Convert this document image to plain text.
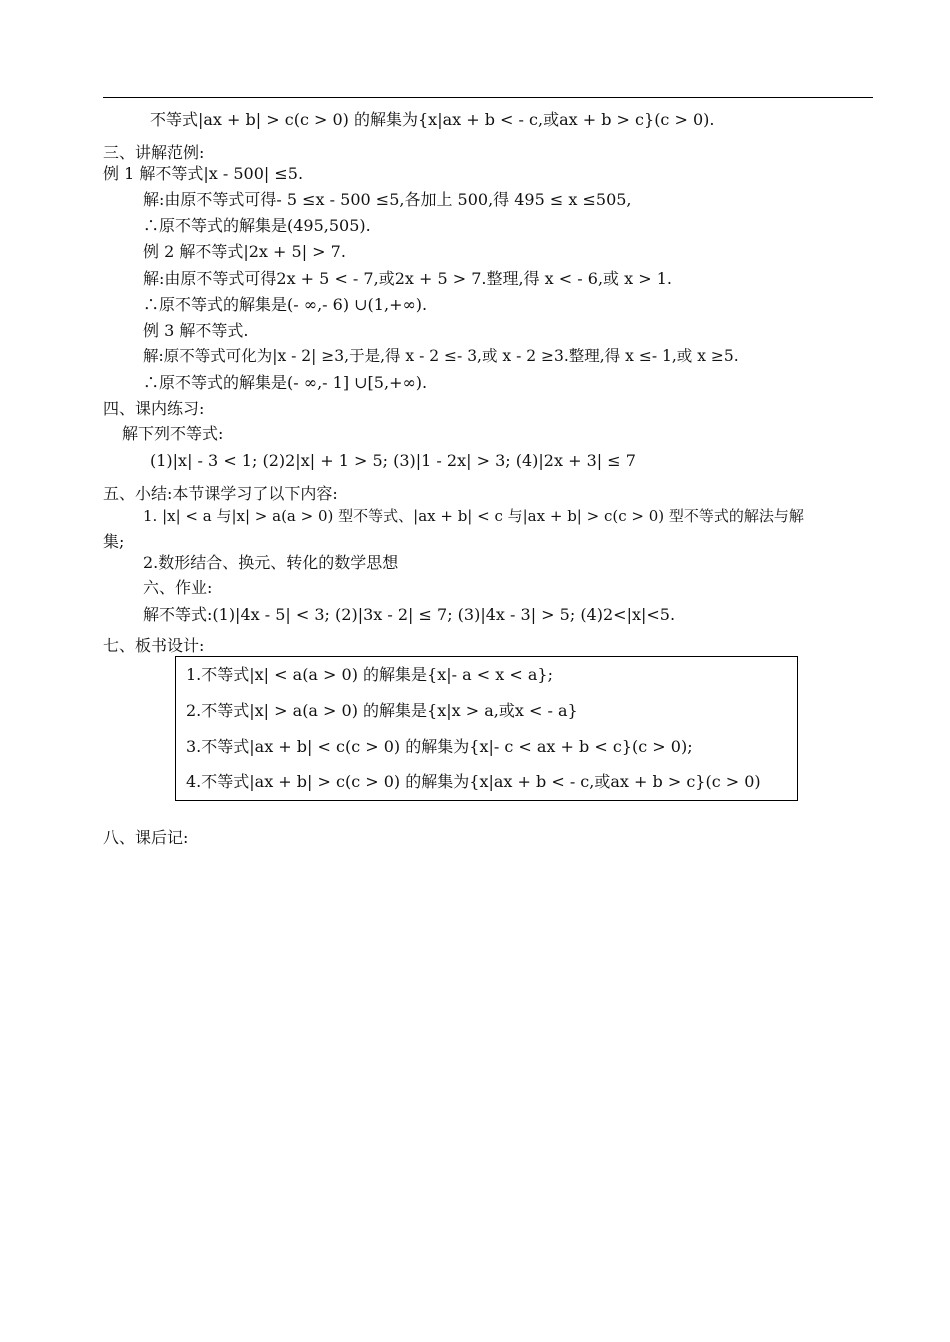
不等式|ax + b| > c(c > 0) 的解集为{x|ax + b < - c,或ax + b > c}(c > 0).
三、讲解范例:
例 1 解不等式|x - 500| ≤5.
解:由原不等式可得- 5 ≤x - 500 ≤5,各加上 500,得 495 ≤ x ≤505,
∴原不等式的解集是(495,505).
例 2 解不等式|2x + 5| > 7.
解:由原不等式可得2x + 5 < - 7,或2x + 5 > 7.整理,得 x < - 6,或 x > 1.
∴原不等式的解集是(- ∞,- 6) ∪(1,+∞).
例 3 解不等式.
解:原不等式可化为|x - 2| ≥3,于是,得 x - 2 ≤- 3,或 x - 2 ≥3.整理,得 x ≤- 1,或 x ≥5.
∴原不等式的解集是(- ∞,- 1] ∪[5,+∞).
四、课内练习:
解下列不等式:
(1)|x| - 3 < 1; (2)2|x| + 1 > 5; (3)|1 - 2x| > 3; (4)|2x + 3| ≤ 7
五、小结:本节课学习了以下内容:
1. |x| < a 与|x| > a(a > 0) 型不等式、|ax + b| < c 与|ax + b| > c(c > 0) 型不等式的解法与解
集;
2.数形结合、换元、转化的数学思想
六、作业:
解不等式:(1)|4x - 5| < 3; (2)|3x - 2| ≤ 7; (3)|4x - 3| > 5; (4)2<|x|<5.
七、板书设计:
1.不等式|x| < a(a > 0) 的解集是{x|- a < x < a};
2.不等式|x| > a(a > 0) 的解集是{x|x > a,或x < - a}
3.不等式|ax + b| < c(c > 0) 的解集为{x|- c < ax + b < c}(c > 0);
4.不等式|ax + b| > c(c > 0) 的解集为{x|ax + b < - c,或ax + b > c}(c > 0)
八、课后记:
